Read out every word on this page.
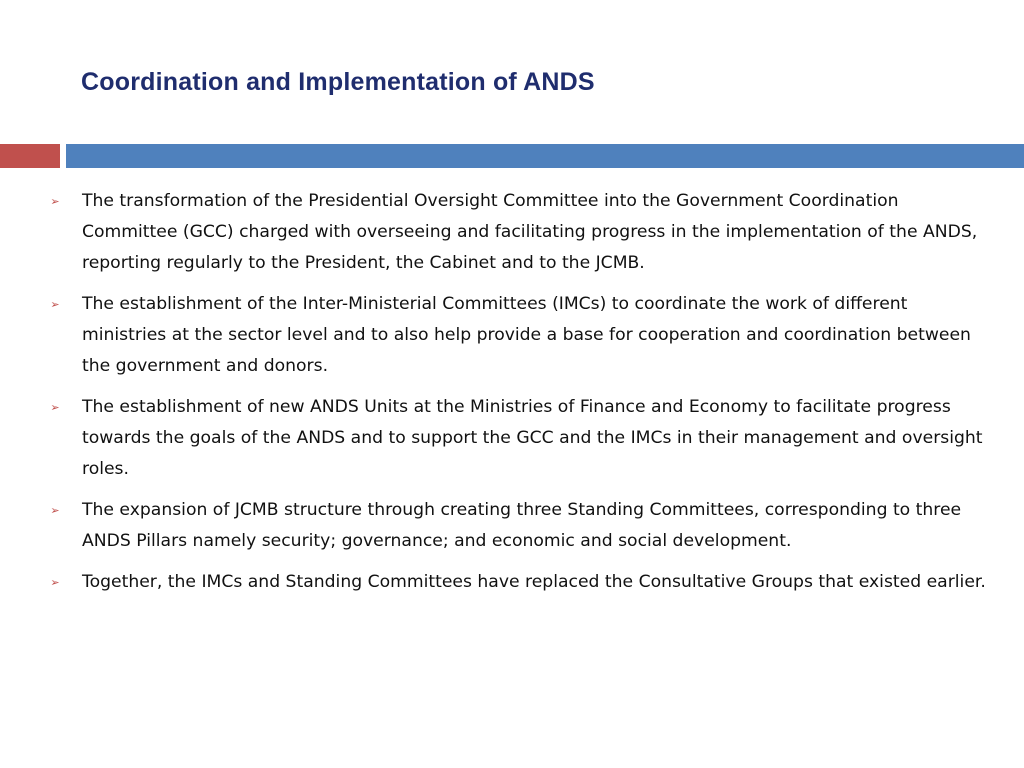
Coordination and Implementation of ANDS
➢ The transformation of the Presidential Oversight Committee into the Government Coordination Committee (GCC) charged with overseeing and facilitating progress in the implementation of the ANDS, reporting regularly to the President, the Cabinet and to the JCMB.
➢ The establishment of the Inter-Ministerial Committees (IMCs) to coordinate the work of different ministries at the sector level and to also help provide a base for cooperation and coordination between the government and donors.
➢ The establishment of new ANDS Units at the Ministries of Finance and Economy to facilitate progress towards the goals of the ANDS and to support the GCC and the IMCs in their management and oversight roles.
➢ The expansion of JCMB structure through creating three Standing Committees, corresponding to three ANDS Pillars namely security; governance; and economic and social development.
➢ Together, the IMCs and Standing Committees have replaced the Consultative Groups that existed earlier.
